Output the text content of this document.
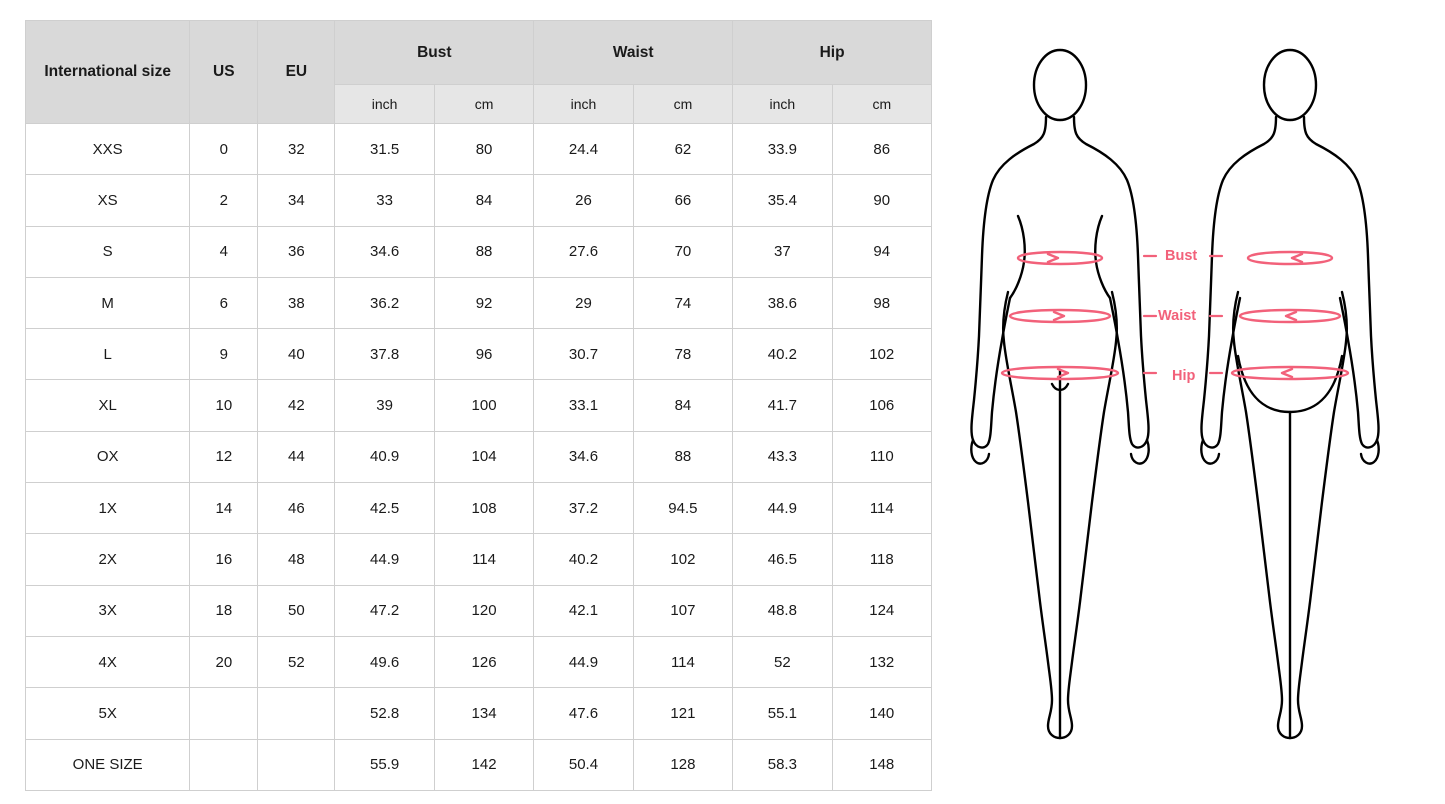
International size	US	EU	Bust		Waist		Hip	
			inch	cm	inch	cm	inch	cm
XXS	0	32	31.5	80	24.4	62	33.9	86
XS	2	34	33	84	26	66	35.4	90
S	4	36	34.6	88	27.6	70	37	94
M	6	38	36.2	92	29	74	38.6	98
L	9	40	37.8	96	30.7	78	40.2	102
XL	10	42	39	100	33.1	84	41.7	106
OX	12	44	40.9	104	34.6	88	43.3	110
1X	14	46	42.5	108	37.2	94.5	44.9	114
2X	16	48	44.9	114	40.2	102	46.5	118
3X	18	50	47.2	120	42.1	107	48.8	124
4X	20	52	49.6	126	44.9	114	52	132
5X			52.8	134	47.6	121	55.1	140
ONE SIZE			55.9	142	50.4	128	58.3	148
Bust
Waist
Hip
